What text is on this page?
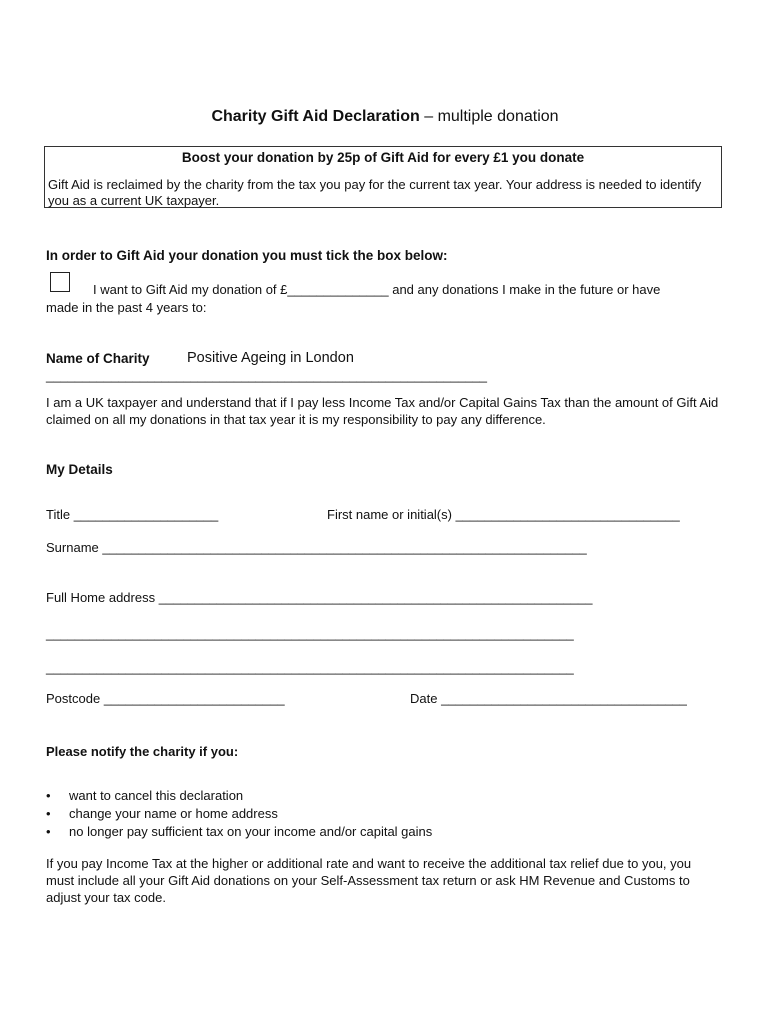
Charity Gift Aid Declaration – multiple donation
Boost your donation by 25p of Gift Aid for every £1 you donate
Gift Aid is reclaimed by the charity from the tax you pay for the current tax year. Your address is needed to identify you as a current UK taxpayer.
In order to Gift Aid your donation you must tick the box below:
I want to Gift Aid my donation of £______________ and any donations I make in the future or have
made in the past 4 years to:
Name of Charity	Positive Ageing in London
_____________________________________________________________
I am a UK taxpayer and understand that if I pay less Income Tax and/or Capital Gains Tax than the amount of Gift Aid claimed on all my donations in that tax year it is my responsibility to pay any difference.
My Details
Title ____________________	First name or initial(s) _______________________________
Surname ___________________________________________________________________
Full Home address ____________________________________________________________
_________________________________________________________________________
_________________________________________________________________________
Postcode _________________________	Date __________________________________
Please notify the charity if you:
• want to cancel this declaration
• change your name or home address
• no longer pay sufficient tax on your income and/or capital gains
If you pay Income Tax at the higher or additional rate and want to receive the additional tax relief due to you, you must include all your Gift Aid donations on your Self-Assessment tax return or ask HM Revenue and Customs to adjust your tax code.
